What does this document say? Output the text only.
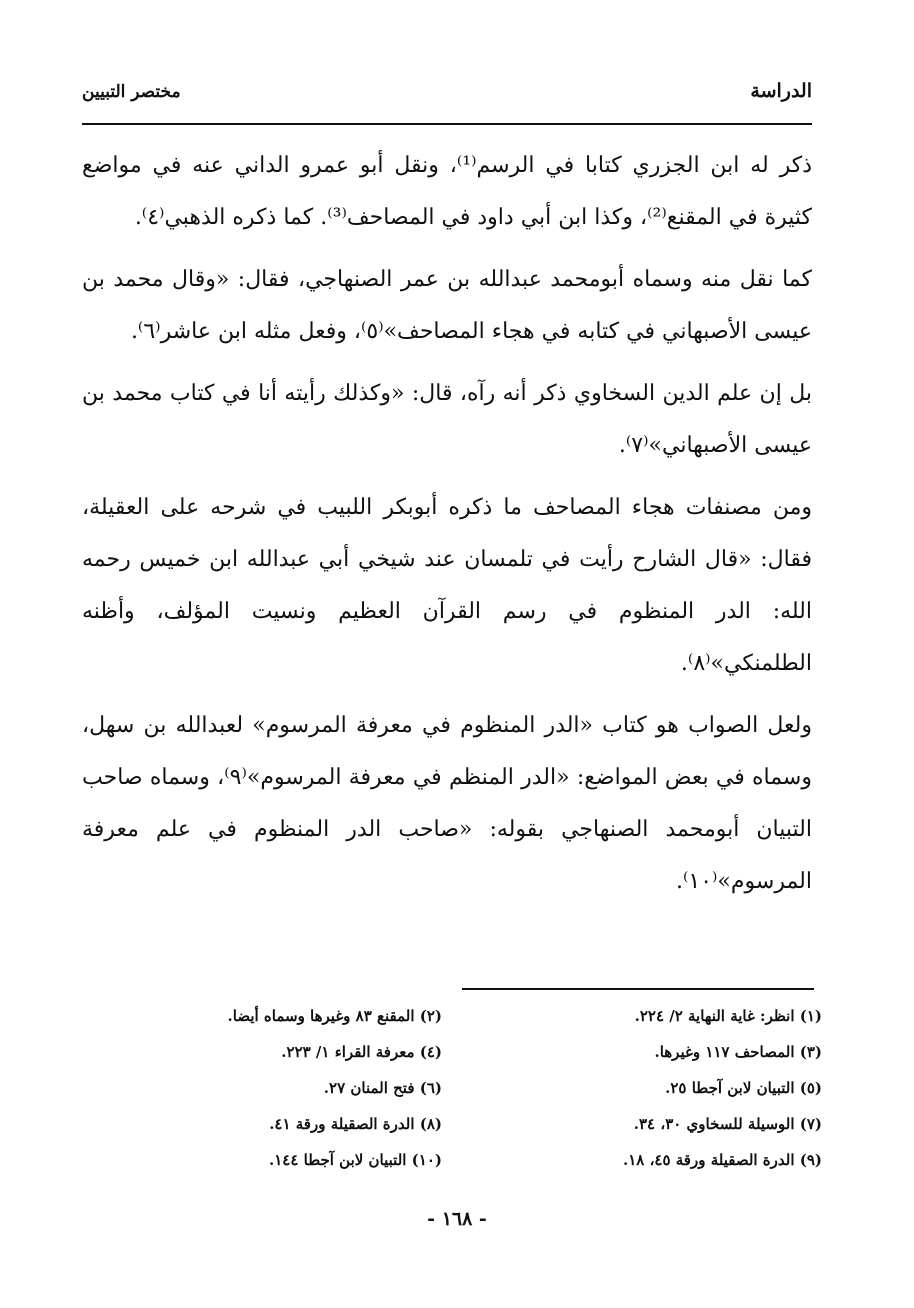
الدراسة
مختصر التبيين

ذكر له ابن الجزري كتابا في الرسم⁽¹⁾، ونقل أبو عمرو الداني عنه في مواضع كثيرة في المقنع⁽²⁾، وكذا ابن أبي داود في المصاحف⁽³⁾. كما ذكره الذهبي⁽٤⁾.

كما نقل منه وسماه أبومحمد عبدالله بن عمر الصنهاجي، فقال: «وقال محمد بن عيسى الأصبهاني في كتابه في هجاء المصاحف»⁽٥⁾، وفعل مثله ابن عاشر⁽٦⁾.

بل إن علم الدين السخاوي ذكر أنه رآه، قال: «وكذلك رأيته أنا في كتاب محمد بن عيسى الأصبهاني»⁽٧⁾.

ومن مصنفات هجاء المصاحف ما ذكره أبوبكر اللبيب في شرحه على العقيلة، فقال: «قال الشارح رأيت في تلمسان عند شيخي أبي عبدالله ابن خميس رحمه الله: الدر المنظوم في رسم القرآن العظيم ونسيت المؤلف، وأظنه الطلمنكي»⁽٨⁾.

ولعل الصواب هو كتاب «الدر المنظوم في معرفة المرسوم» لعبدالله بن سهل، وسماه في بعض المواضع: «الدر المنظم في معرفة المرسوم»⁽٩⁾، وسماه صاحب التبيان أبومحمد الصنهاجي بقوله: «صاحب الدر المنظوم في علم معرفة المرسوم»⁽١٠⁾.

(١) انظر: غاية النهاية ٢/ ٢٢٤.
(٢) المقنع ٨٣ وغيرها وسماه أيضا.
(٣) المصاحف ١١٧ وغيرها.
(٤) معرفة القراء ١/ ٢٢٣.
(٥) التبيان لابن آجطا ٢٥.
(٦) فتح المنان ٢٧.
(٧) الوسيلة للسخاوي ٣٠، ٣٤.
(٨) الدرة الصقيلة ورقة ٤١.
(٩) الدرة الصقيلة ورقة ٤٥، ١٨.
(١٠) التبيان لابن آجطا ١٤٤.
- ١٦٨ -
